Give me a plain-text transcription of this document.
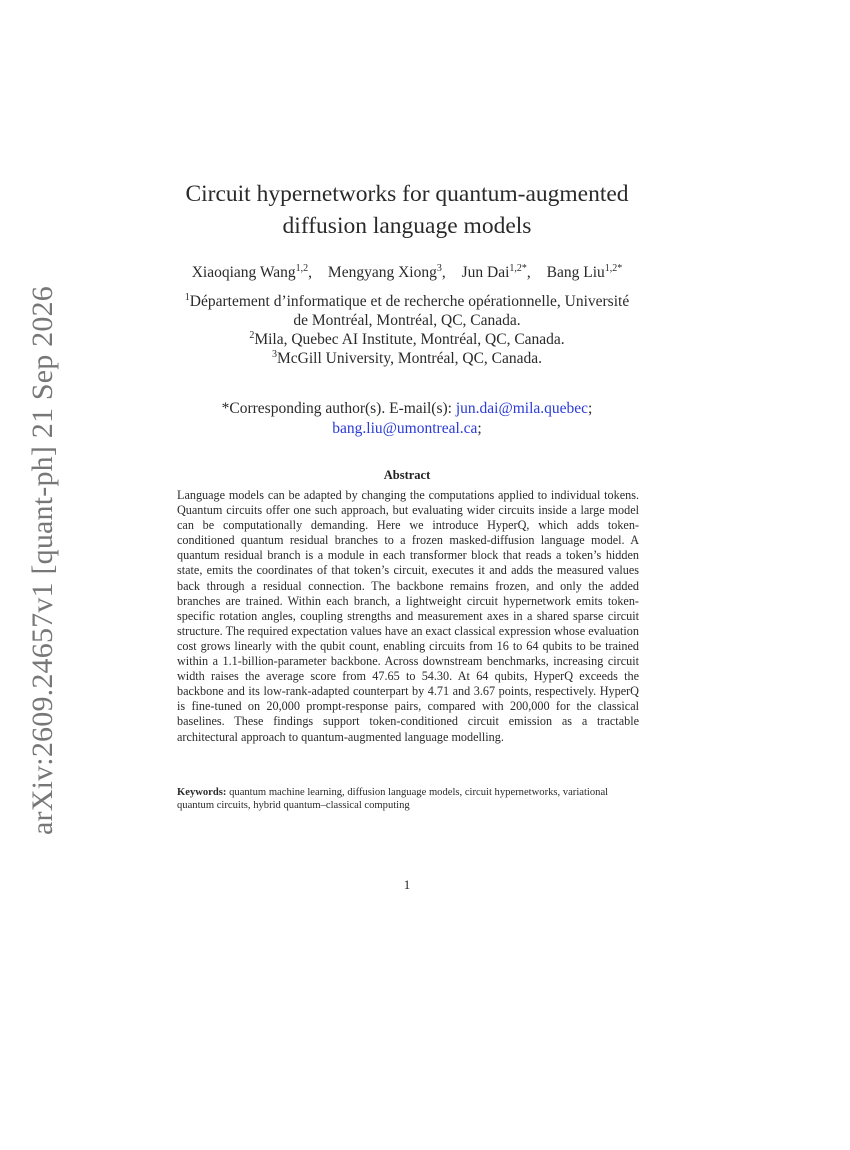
arXiv:2609.24657v1 [quant-ph] 21 Sep 2026
Circuit hypernetworks for quantum-augmented
diffusion language models
Xiaoqiang Wang$^{1,2}$, Mengyang Xiong$^3$, Jun Dai$^{1,2*}$, Bang Liu$^{1,2*}$
$^1$Département d’informatique et de recherche opérationnelle, Université
de Montréal, Montréal, QC, Canada.
$^2$Mila, Quebec AI Institute, Montréal, QC, Canada.
$^3$McGill University, Montréal, QC, Canada.
*Corresponding author(s). E-mail(s): jun.dai@mila.quebec;
bang.liu@umontreal.ca;
Abstract
Language models can be adapted by changing the computations applied to individual tokens. Quantum circuits offer one such approach, but evaluating wider circuits inside a large model can be computationally demanding. Here we introduce HyperQ, which adds token-conditioned quantum residual branches to a frozen masked-diffusion language model. A quantum residual branch is a module in each transformer block that reads a token’s hidden state, emits the coordinates of that token’s circuit, executes it and adds the measured values back through a residual connection. The backbone remains frozen, and only the added branches are trained. Within each branch, a lightweight circuit hypernetwork emits token-specific rotation angles, coupling strengths and measurement axes in a shared sparse circuit structure. The required expectation values have an exact classical expression whose evaluation cost grows linearly with the qubit count, enabling circuits from 16 to 64 qubits to be trained within a 1.1-billion-parameter backbone. Across downstream benchmarks, increasing circuit width raises the average score from 47.65 to 54.30. At 64 qubits, HyperQ exceeds the backbone and its low-rank-adapted counterpart by 4.71 and 3.67 points, respectively. HyperQ is fine-tuned on 20,000 prompt-response pairs, compared with 200,000 for the classical baselines. These findings support token-conditioned circuit emission as a tractable architectural approach to quantum-augmented language modelling.
Keywords: quantum machine learning, diffusion language models, circuit hypernetworks, variational quantum circuits, hybrid quantum–classical computing
1
